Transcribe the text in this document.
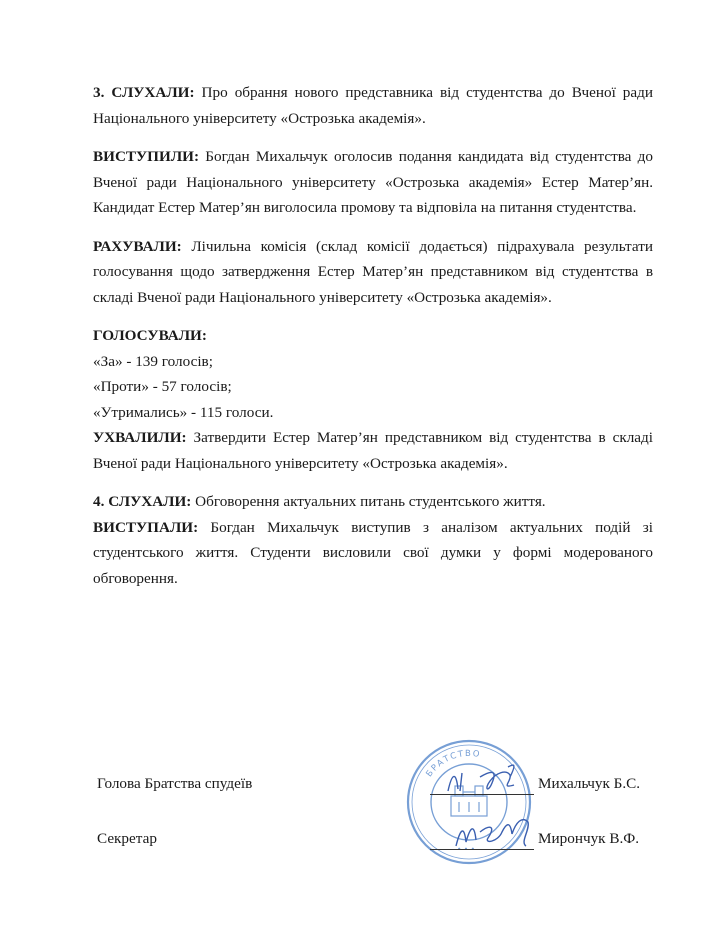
3. СЛУХАЛИ: Про обрання нового представника від студентства до Вченої ради Національного університету «Острозька академія».

ВИСТУПИЛИ: Богдан Михальчук оголосив подання кандидата від студентства до Вченої ради Національного університету «Острозька академія» Естер Матер’ян. Кандидат Естер Матер’ян виголосила промову та відповіла на питання студентства.

РАХУВАЛИ: Лічильна комісія (склад комісії додається) підрахувала результати голосування щодо затвердження Естер Матер’ян представником від студентства в складі Вченої ради Національного університету «Острозька академія».

ГОЛОСУВАЛИ:

«За» - 139 голосів;

«Проти» - 57 голосів;

«Утримались» - 115 голоси.

УХВАЛИЛИ: Затвердити Естер Матер’ян представником від студентства в складі Вченої ради Національного університету «Острозька академія».

4. СЛУХАЛИ: Обговорення актуальних питань студентського життя.

ВИСТУПАЛИ: Богдан Михальчук виступив з аналізом актуальних подій зі студентського життя. Студенти висловили свої думки у формі модерованого обговорення.

БРАТСТВО
• • •
Голова Братства спудеїв	Михальчук Б.С.
Секретар	Мирончук В.Ф.
